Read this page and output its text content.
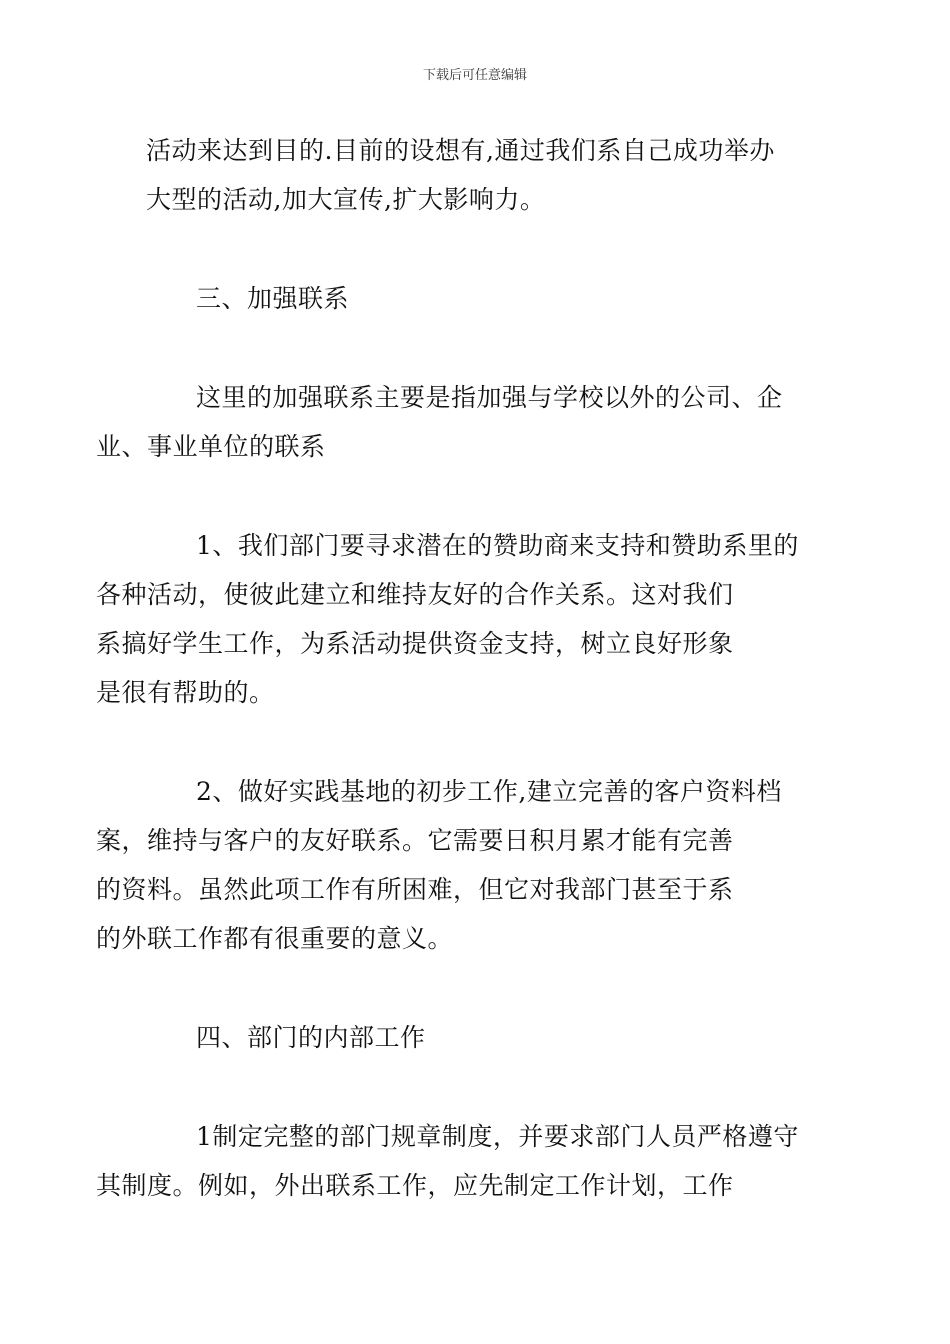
下载后可任意编辑

活动来达到目的.目前的设想有,通过我们系自己成功举办
大型的活动,加大宣传,扩大影响力。

三、加强联系

这里的加强联系主要是指加强与学校以外的公司、企
业、事业单位的联系

1、我们部门要寻求潜在的赞助商来支持和赞助系里的
各种活动，使彼此建立和维持友好的合作关系。这对我们
系搞好学生工作，为系活动提供资金支持，树立良好形象
是很有帮助的。

2、做好实践基地的初步工作,建立完善的客户资料档
案，维持与客户的友好联系。它需要日积月累才能有完善
的资料。虽然此项工作有所困难，但它对我部门甚至于系
的外联工作都有很重要的意义。

四、部门的内部工作

1制定完整的部门规章制度，并要求部门人员严格遵守
其制度。例如，外出联系工作，应先制定工作计划，工作
